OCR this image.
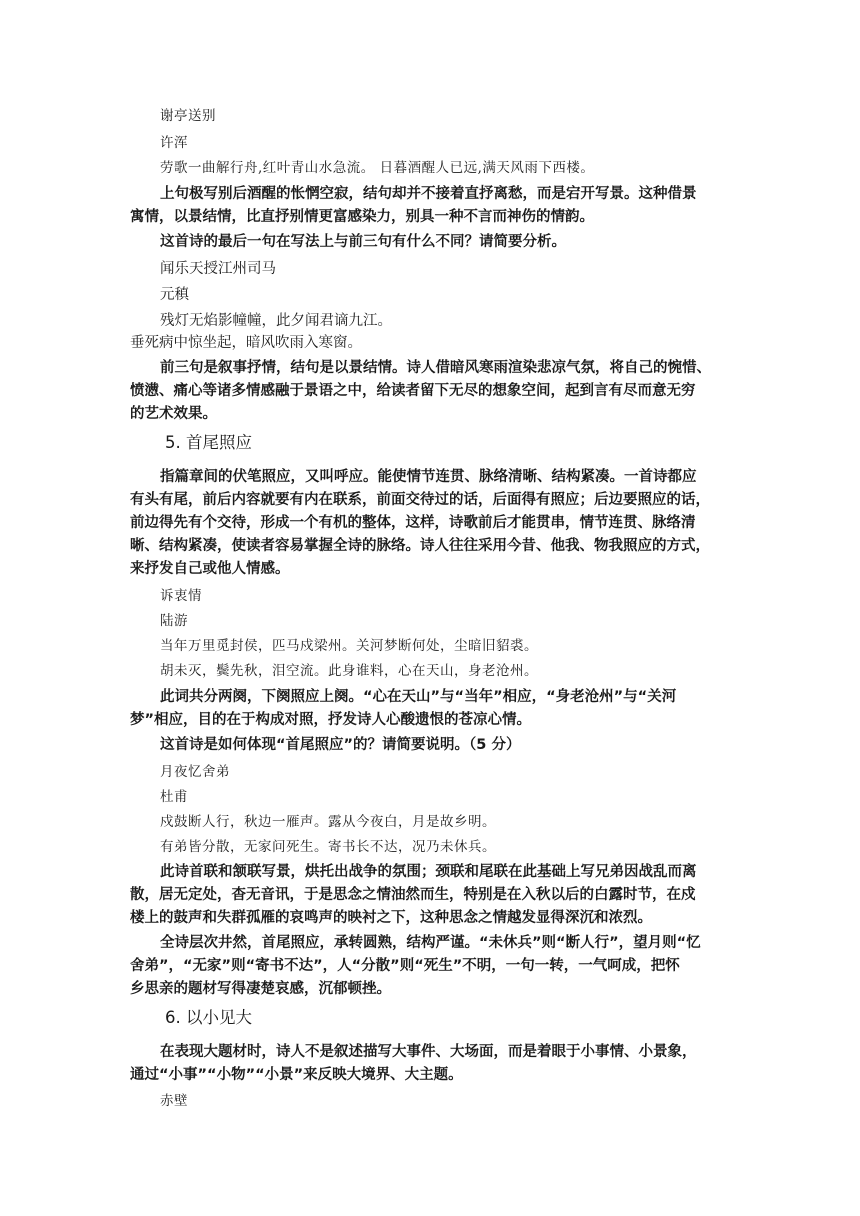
谢亭送别
许浑
劳歌一曲解行舟,红叶青山水急流。 日暮酒醒人已远,满天风雨下西楼。
上句极写别后酒醒的怅惘空寂，结句却并不接着直抒离愁，而是宕开写景。这种借景
寓情，以景结情，比直抒别情更富感染力，别具一种不言而神伤的情韵。
这首诗的最后一句在写法上与前三句有什么不同？请简要分析。
闻乐天授江州司马
元稹
残灯无焰影幢幢，此夕闻君谪九江。
垂死病中惊坐起，暗风吹雨入寒窗。
前三句是叙事抒情，结句是以景结情。诗人借暗风寒雨渲染悲凉气氛，将自己的惋惜、
愤懑、痛心等诸多情感融于景语之中，给读者留下无尽的想象空间，起到言有尽而意无穷
的艺术效果。
5. 首尾照应
指篇章间的伏笔照应，又叫呼应。能使情节连贯、脉络清晰、结构紧凑。一首诗都应
有头有尾，前后内容就要有内在联系，前面交待过的话，后面得有照应；后边要照应的话，
前边得先有个交待，形成一个有机的整体，这样，诗歌前后才能贯串，情节连贯、脉络清
晰、结构紧凑，使读者容易掌握全诗的脉络。诗人往往采用今昔、他我、物我照应的方式，
来抒发自己或他人情感。
诉衷情
陆游
当年万里觅封侯，匹马戍梁州。关河梦断何处，尘暗旧貂裘。
胡未灭，鬓先秋，泪空流。此身谁料，心在天山，身老沧州。
此词共分两阕，下阕照应上阕。“心在天山”与“当年”相应，“身老沧州”与“关河
梦”相应，目的在于构成对照，抒发诗人心酸遗恨的苍凉心情。
这首诗是如何体现“首尾照应”的？请简要说明。（5 分）
月夜忆舍弟
杜甫
戍鼓断人行，秋边一雁声。露从今夜白，月是故乡明。
有弟皆分散，无家问死生。寄书长不达，况乃未休兵。
此诗首联和颔联写景，烘托出战争的氛围；颈联和尾联在此基础上写兄弟因战乱而离
散，居无定处，杳无音讯，于是思念之情油然而生，特别是在入秋以后的白露时节，在戍
楼上的鼓声和失群孤雁的哀鸣声的映衬之下，这种思念之情越发显得深沉和浓烈。
全诗层次井然，首尾照应，承转圆熟，结构严谨。“未休兵”则“断人行”，望月则“忆
舍弟”，“无家”则“寄书不达”，人“分散”则“死生”不明，一句一转，一气呵成，把怀
乡思亲的题材写得凄楚哀感，沉郁顿挫。
6. 以小见大
在表现大题材时，诗人不是叙述描写大事件、大场面，而是着眼于小事情、小景象，
通过“小事”“小物”“小景”来反映大境界、大主题。
赤壁
